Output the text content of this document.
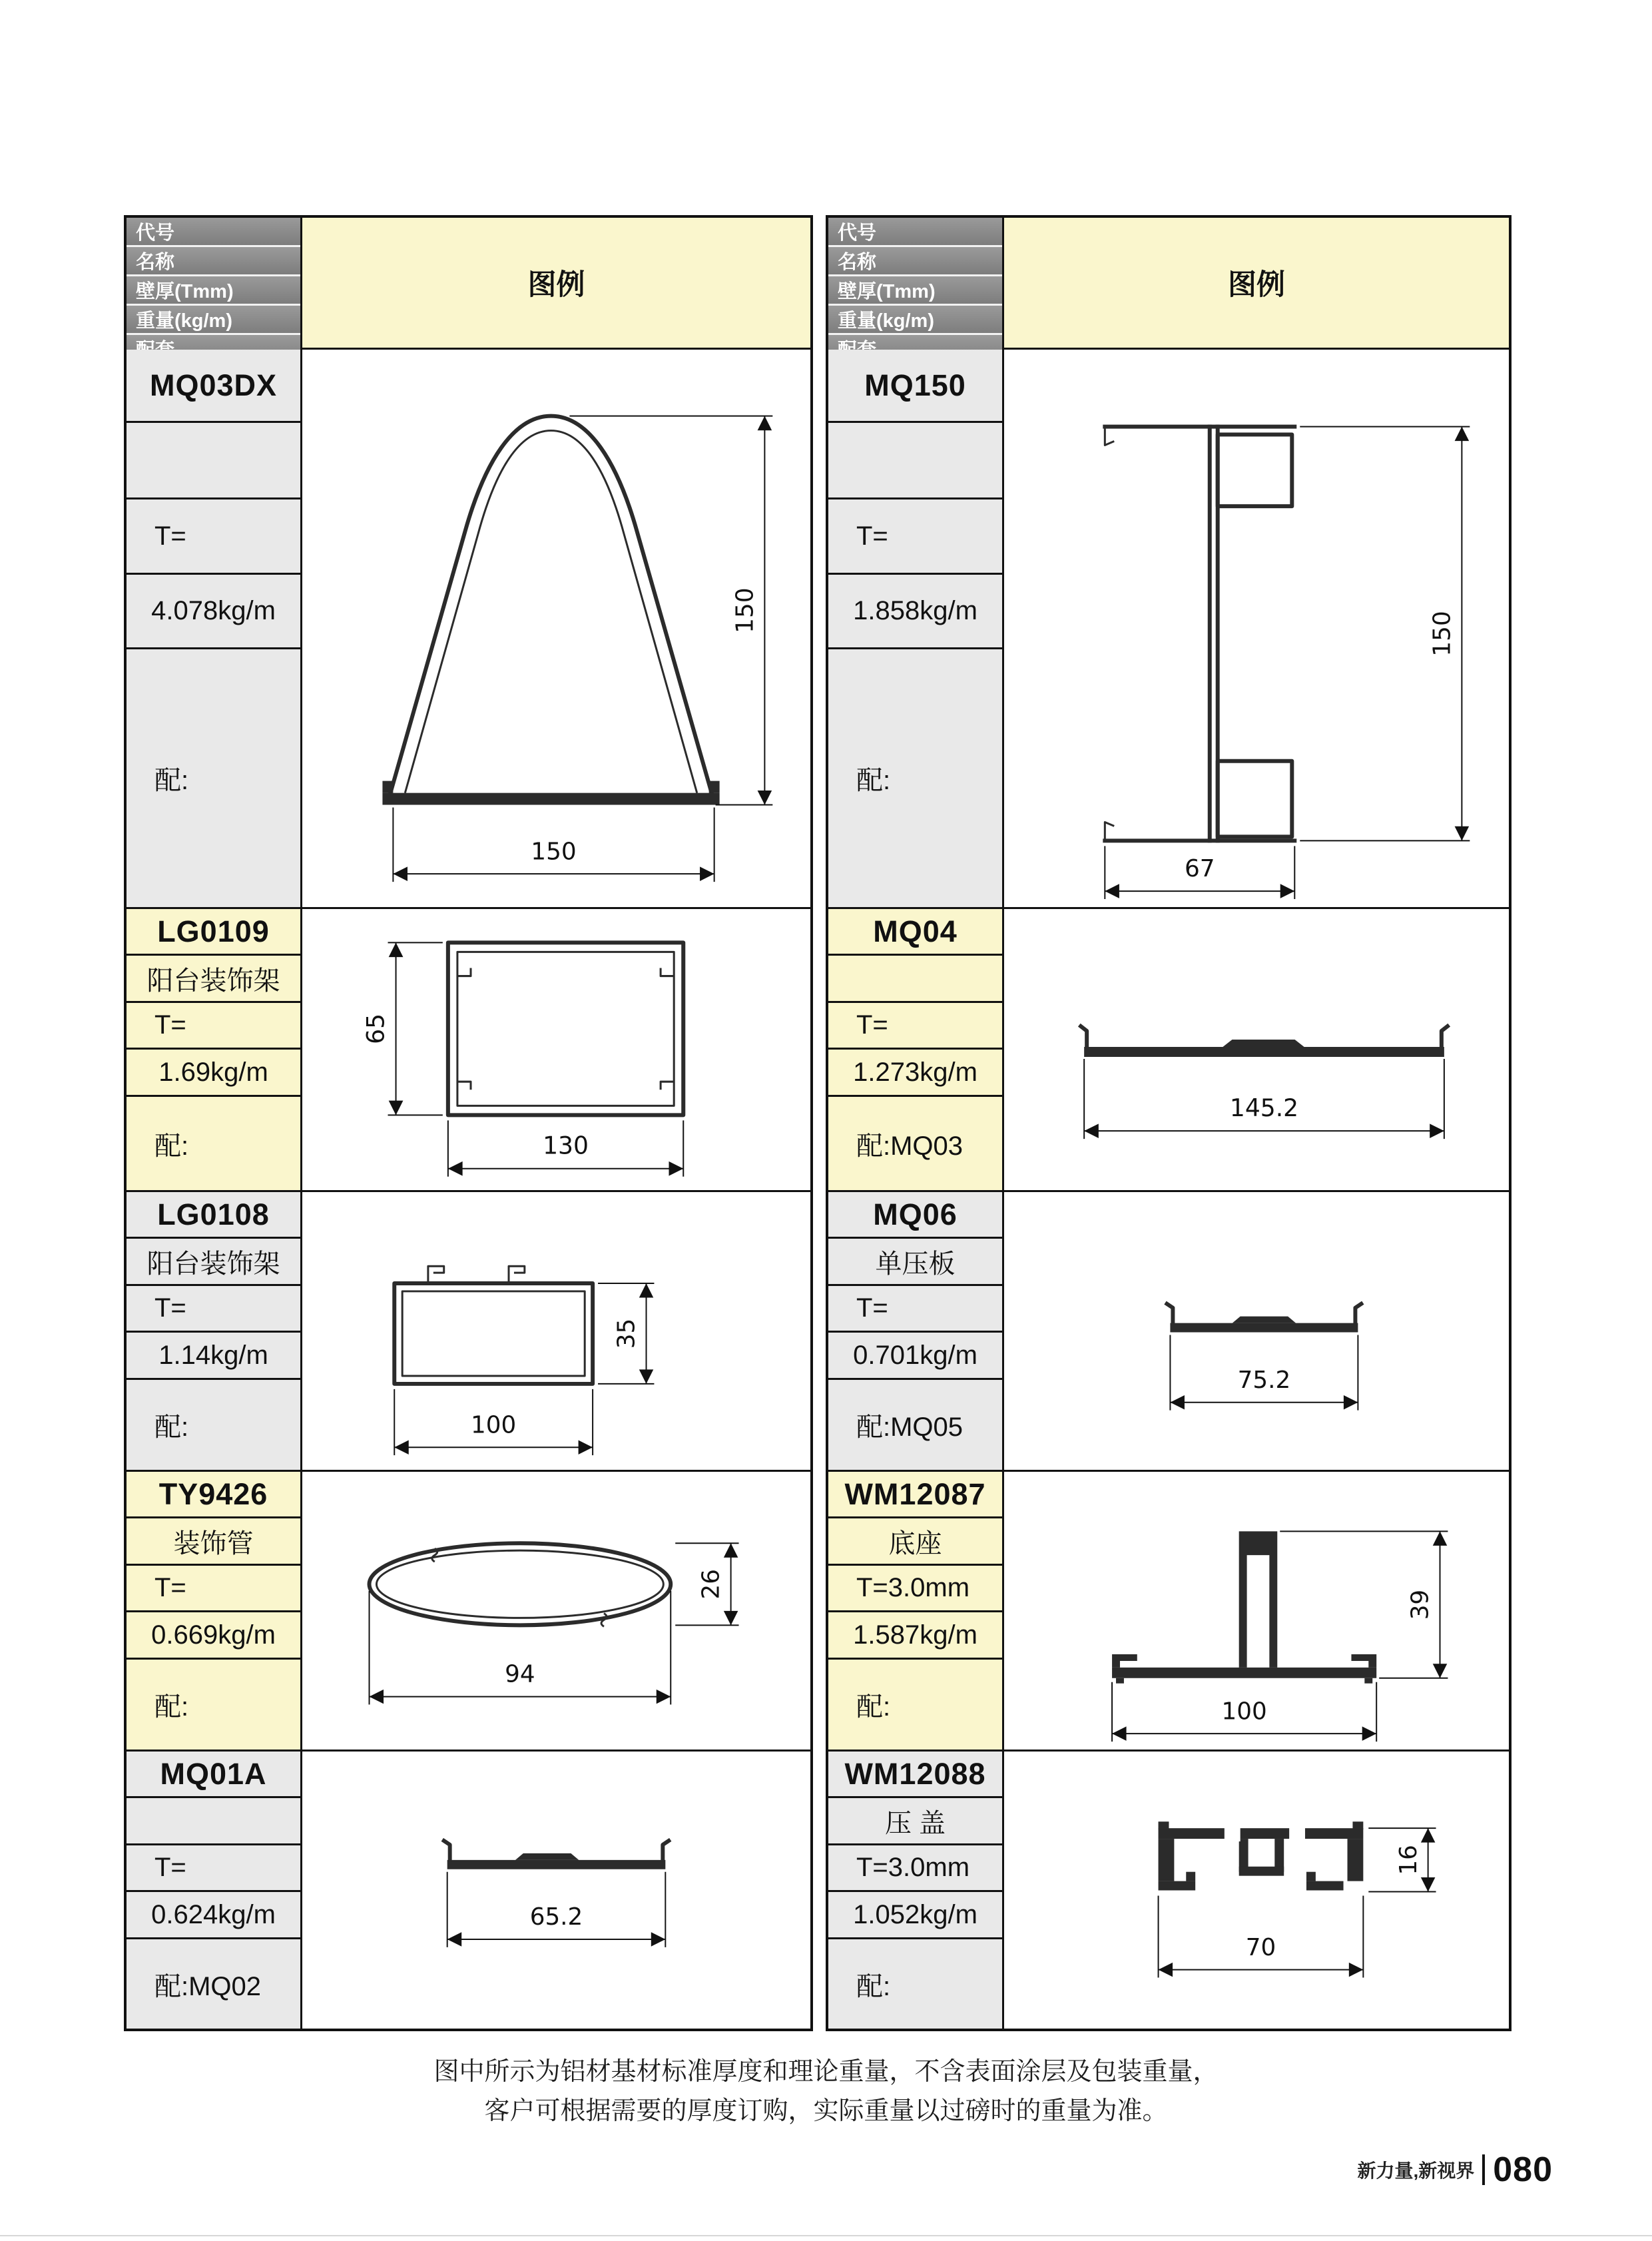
代号
名称
壁厚(Tmm)
重量(kg/m)
图例
MQ03DX
T=
4.078kg/m
配:
150
150
LG0109
阳台装饰架
T=
1.69kg/m
配:
65
130
LG0108
阳台装饰架
T=
1.14kg/m
配:
35
100
TY9426
装饰管
T=
0.669kg/m
配:
26
94
MQ01A
T=
0.624kg/m
配:MQ02
65.2
代号
名称
壁厚(Tmm)
重量(kg/m)
图例
MQ150
T=
1.858kg/m
配:
150
67
MQ04
T=
1.273kg/m
配:MQ03
145.2
MQ06
单压板
T=
0.701kg/m
配:MQ05
75.2
WM12087
底座
T=3.0mm
1.587kg/m
配:
39
100
WM12088
压 盖
T=3.0mm
1.052kg/m
配:
16
70
图中所示为铝材基材标准厚度和理论重量，不含表面涂层及包装重量，
客户可根据需要的厚度订购，实际重量以过磅时的重量为准。
新力量,新视界 080
